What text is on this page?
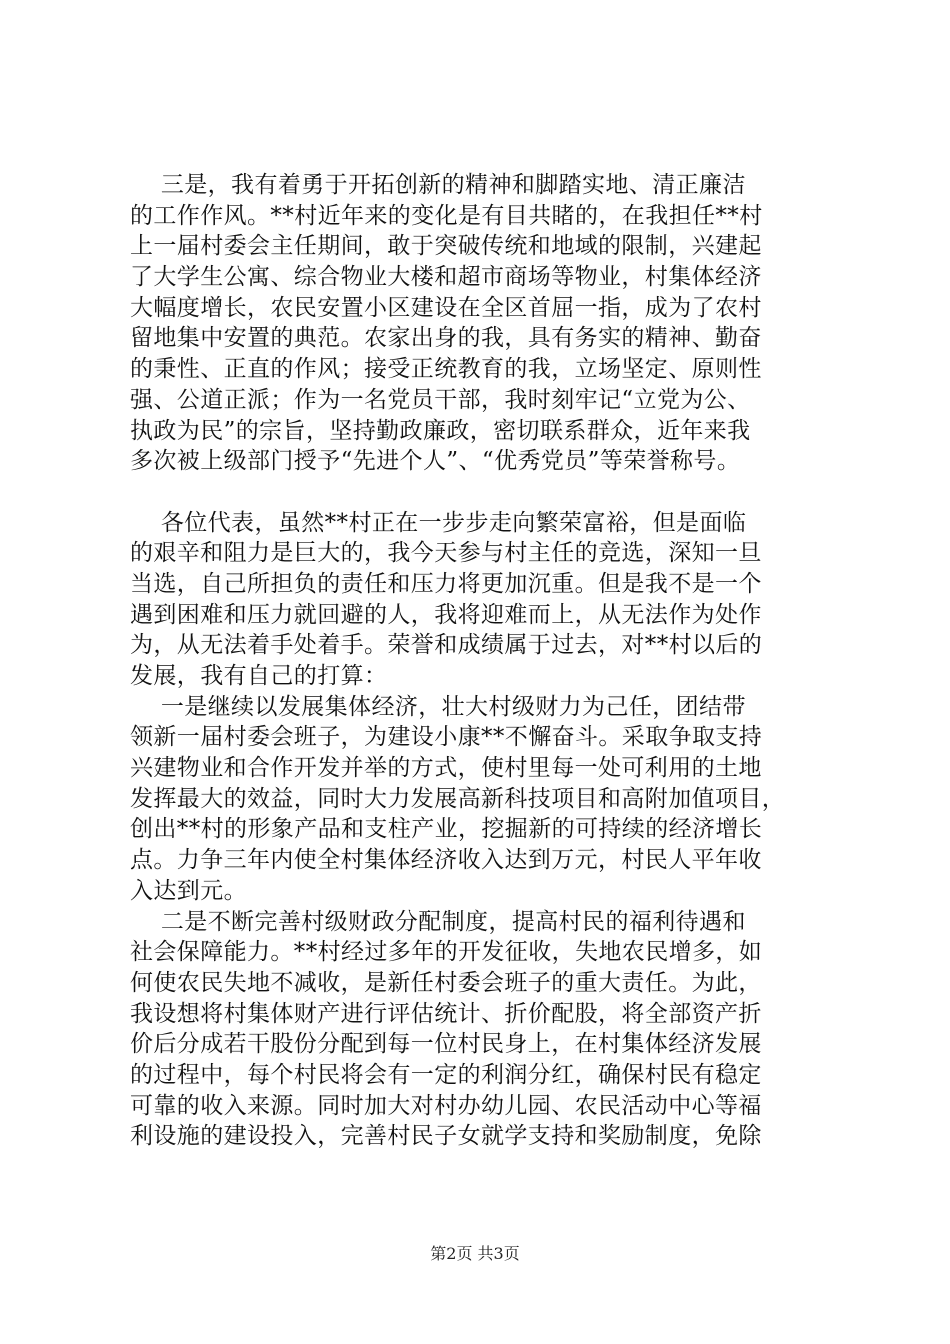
三是，我有着勇于开拓创新的精神和脚踏实地、清正廉洁
的工作作风。**村近年来的变化是有目共睹的，在我担任**村
上一届村委会主任期间，敢于突破传统和地域的限制，兴建起
了大学生公寓、综合物业大楼和超市商场等物业，村集体经济
大幅度增长，农民安置小区建设在全区首屈一指，成为了农村
留地集中安置的典范。农家出身的我，具有务实的精神、勤奋
的秉性、正直的作风；接受正统教育的我，立场坚定、原则性
强、公道正派；作为一名党员干部，我时刻牢记“立党为公、
执政为民”的宗旨，坚持勤政廉政，密切联系群众，近年来我
多次被上级部门授予“先进个人”、“优秀党员”等荣誉称号。
各位代表，虽然**村正在一步步走向繁荣富裕，但是面临
的艰辛和阻力是巨大的，我今天参与村主任的竞选，深知一旦
当选，自己所担负的责任和压力将更加沉重。但是我不是一个
遇到困难和压力就回避的人，我将迎难而上，从无法作为处作
为，从无法着手处着手。荣誉和成绩属于过去，对**村以后的
发展，我有自己的打算：
一是继续以发展集体经济，壮大村级财力为己任，团结带
领新一届村委会班子，为建设小康**不懈奋斗。采取争取支持
兴建物业和合作开发并举的方式，使村里每一处可利用的土地
发挥最大的效益，同时大力发展高新科技项目和高附加值项目，
创出**村的形象产品和支柱产业，挖掘新的可持续的经济增长
点。力争三年内使全村集体经济收入达到万元，村民人平年收
入达到元。
二是不断完善村级财政分配制度，提高村民的福利待遇和
社会保障能力。**村经过多年的开发征收，失地农民增多，如
何使农民失地不减收，是新任村委会班子的重大责任。为此，
我设想将村集体财产进行评估统计、折价配股，将全部资产折
价后分成若干股份分配到每一位村民身上，在村集体经济发展
的过程中，每个村民将会有一定的利润分红，确保村民有稳定
可靠的收入来源。同时加大对村办幼儿园、农民活动中心等福
利设施的建设投入，完善村民子女就学支持和奖励制度，免除
第2页 共3页
